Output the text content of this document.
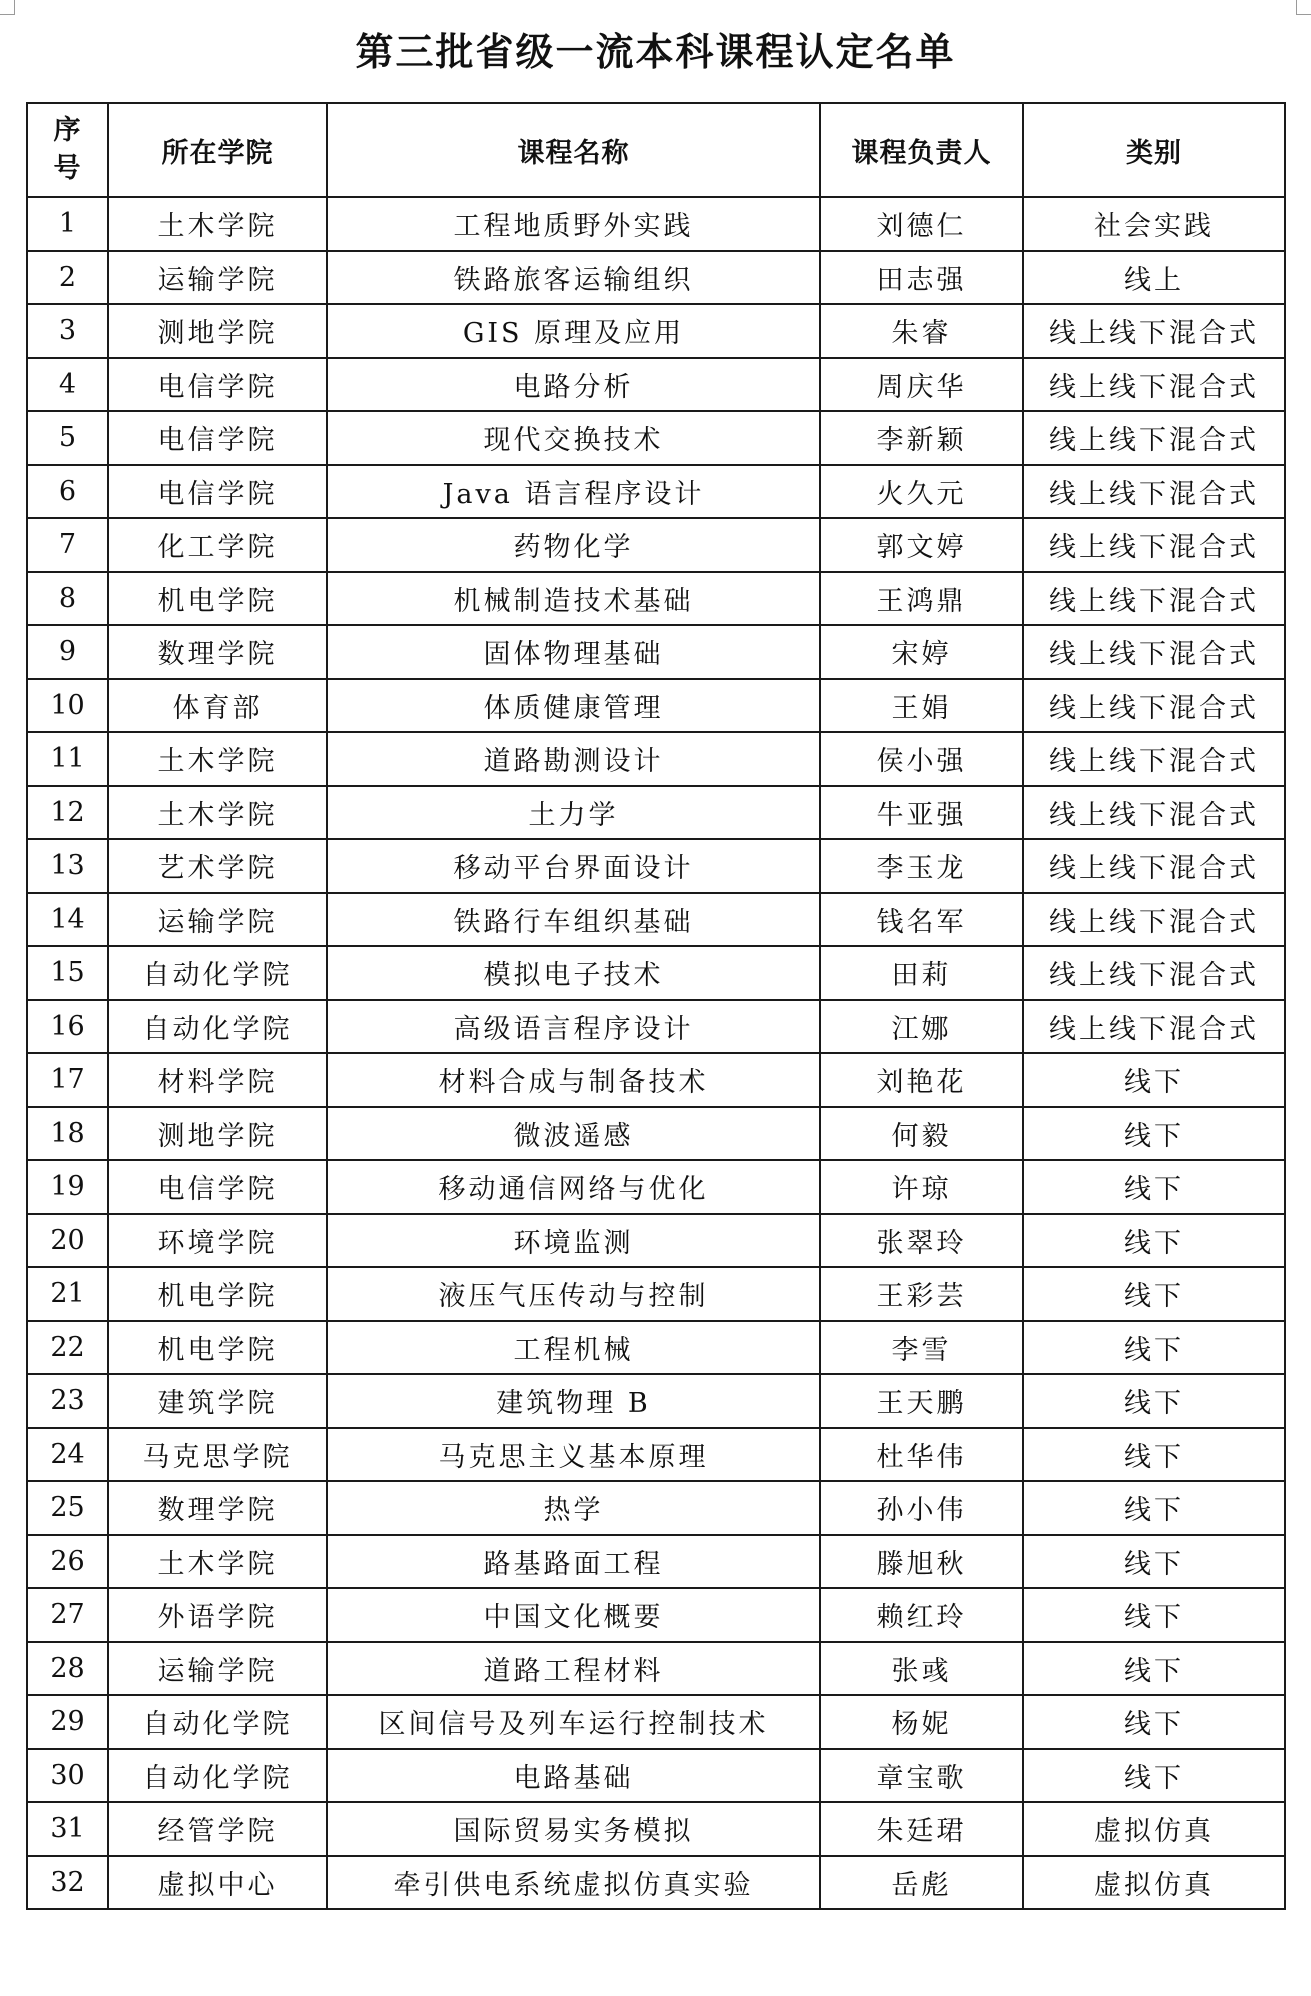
第三批省级一流本科课程认定名单
序
号	所在学院	课程名称	课程负责人	类别
1	土木学院	工程地质野外实践	刘德仁	社会实践
2	运输学院	铁路旅客运输组织	田志强	线上
3	测地学院	GIS 原理及应用	朱睿	线上线下混合式
4	电信学院	电路分析	周庆华	线上线下混合式
5	电信学院	现代交换技术	李新颖	线上线下混合式
6	电信学院	Java 语言程序设计	火久元	线上线下混合式
7	化工学院	药物化学	郭文婷	线上线下混合式
8	机电学院	机械制造技术基础	王鸿鼎	线上线下混合式
9	数理学院	固体物理基础	宋婷	线上线下混合式
10	体育部	体质健康管理	王娟	线上线下混合式
11	土木学院	道路勘测设计	侯小强	线上线下混合式
12	土木学院	土力学	牛亚强	线上线下混合式
13	艺术学院	移动平台界面设计	李玉龙	线上线下混合式
14	运输学院	铁路行车组织基础	钱名军	线上线下混合式
15	自动化学院	模拟电子技术	田莉	线上线下混合式
16	自动化学院	高级语言程序设计	江娜	线上线下混合式
17	材料学院	材料合成与制备技术	刘艳花	线下
18	测地学院	微波遥感	何毅	线下
19	电信学院	移动通信网络与优化	许琼	线下
20	环境学院	环境监测	张翠玲	线下
21	机电学院	液压气压传动与控制	王彩芸	线下
22	机电学院	工程机械	李雪	线下
23	建筑学院	建筑物理 B	王天鹏	线下
24	马克思学院	马克思主义基本原理	杜华伟	线下
25	数理学院	热学	孙小伟	线下
26	土木学院	路基路面工程	滕旭秋	线下
27	外语学院	中国文化概要	赖红玲	线下
28	运输学院	道路工程材料	张彧	线下
29	自动化学院	区间信号及列车运行控制技术	杨妮	线下
30	自动化学院	电路基础	章宝歌	线下
31	经管学院	国际贸易实务模拟	朱廷珺	虚拟仿真
32	虚拟中心	牵引供电系统虚拟仿真实验	岳彪	虚拟仿真
